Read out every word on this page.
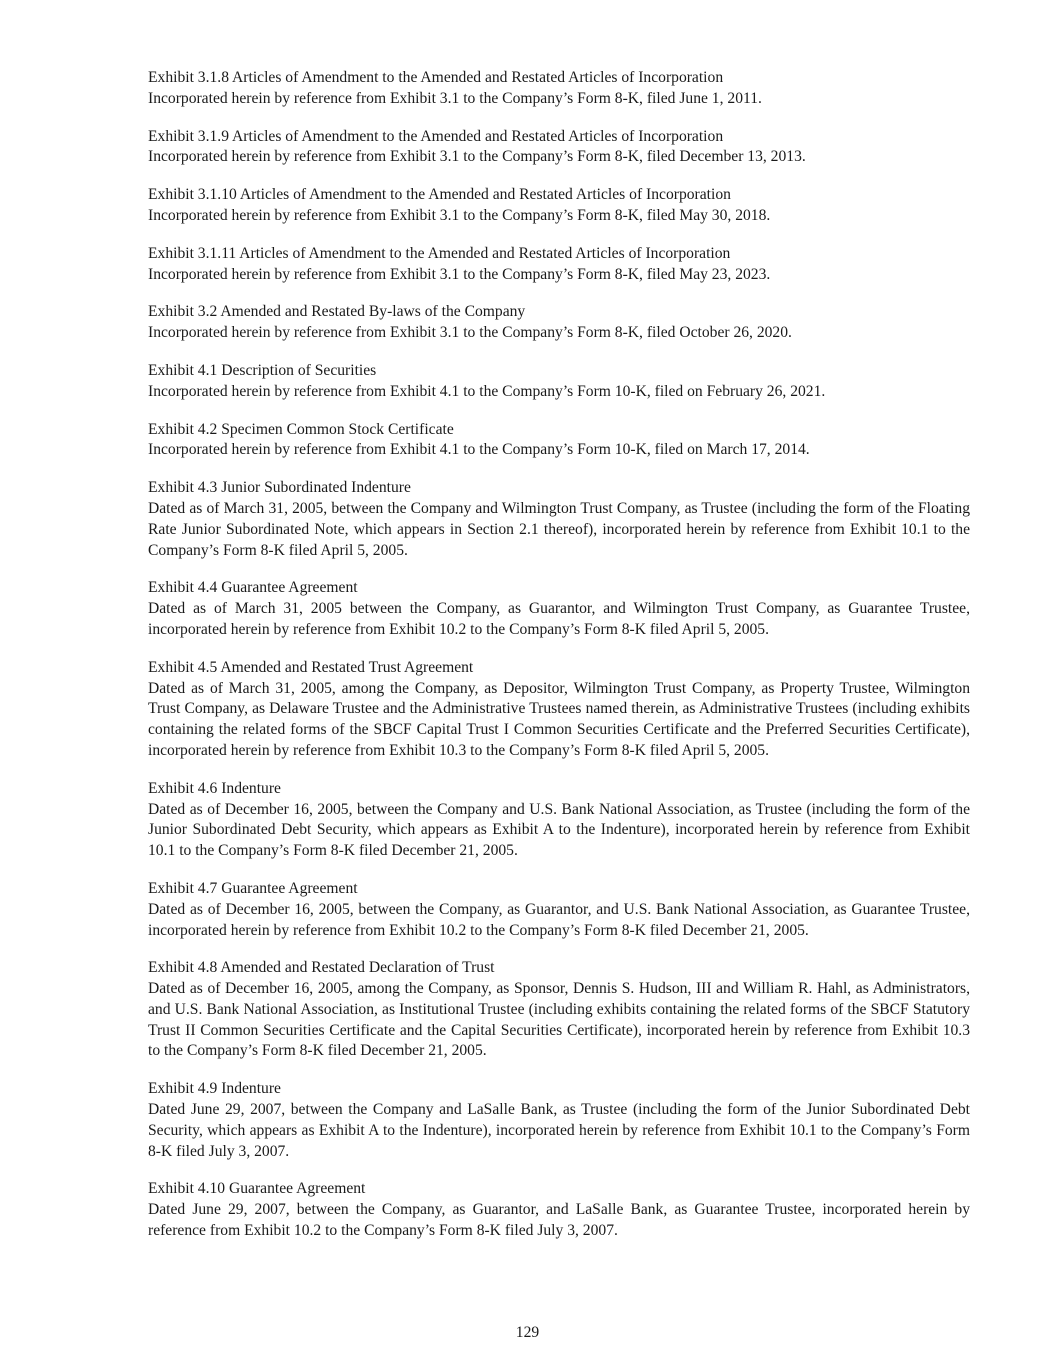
Exhibit 3.1.8 Articles of Amendment to the Amended and Restated Articles of Incorporation

Incorporated herein by reference from Exhibit 3.1 to the Company’s Form 8-K, filed June 1, 2011.

Exhibit 3.1.9 Articles of Amendment to the Amended and Restated Articles of Incorporation

Incorporated herein by reference from Exhibit 3.1 to the Company’s Form 8-K, filed December 13, 2013.

Exhibit 3.1.10 Articles of Amendment to the Amended and Restated Articles of Incorporation

Incorporated herein by reference from Exhibit 3.1 to the Company’s Form 8-K, filed May 30, 2018.

Exhibit 3.1.11 Articles of Amendment to the Amended and Restated Articles of Incorporation

Incorporated herein by reference from Exhibit 3.1 to the Company’s Form 8-K, filed May 23, 2023.

Exhibit 3.2 Amended and Restated By-laws of the Company

Incorporated herein by reference from Exhibit 3.1 to the Company’s Form 8-K, filed October 26, 2020.

Exhibit 4.1 Description of Securities

Incorporated herein by reference from Exhibit 4.1 to the Company’s Form 10-K, filed on February 26, 2021.

Exhibit 4.2 Specimen Common Stock Certificate

Incorporated herein by reference from Exhibit 4.1 to the Company’s Form 10-K, filed on March 17, 2014.

Exhibit 4.3 Junior Subordinated Indenture

Dated as of March 31, 2005, between the Company and Wilmington Trust Company, as Trustee (including the form of the Floating Rate Junior Subordinated Note, which appears in Section 2.1 thereof), incorporated herein by reference from Exhibit 10.1 to the Company’s Form 8-K filed April 5, 2005.

Exhibit 4.4 Guarantee Agreement

Dated as of March 31, 2005 between the Company, as Guarantor, and Wilmington Trust Company, as Guarantee Trustee, incorporated herein by reference from Exhibit 10.2 to the Company’s Form 8-K filed April 5, 2005.

Exhibit 4.5 Amended and Restated Trust Agreement

Dated as of March 31, 2005, among the Company, as Depositor, Wilmington Trust Company, as Property Trustee, Wilmington Trust Company, as Delaware Trustee and the Administrative Trustees named therein, as Administrative Trustees (including exhibits containing the related forms of the SBCF Capital Trust I Common Securities Certificate and the Preferred Securities Certificate), incorporated herein by reference from Exhibit 10.3 to the Company’s Form 8-K filed April 5, 2005.

Exhibit 4.6 Indenture

Dated as of December 16, 2005, between the Company and U.S. Bank National Association, as Trustee (including the form of the Junior Subordinated Debt Security, which appears as Exhibit A to the Indenture), incorporated herein by reference from Exhibit 10.1 to the Company’s Form 8-K filed December 21, 2005.

Exhibit 4.7 Guarantee Agreement

Dated as of December 16, 2005, between the Company, as Guarantor, and U.S. Bank National Association, as Guarantee Trustee, incorporated herein by reference from Exhibit 10.2 to the Company’s Form 8-K filed December 21, 2005.

Exhibit 4.8 Amended and Restated Declaration of Trust

Dated as of December 16, 2005, among the Company, as Sponsor, Dennis S. Hudson, III and William R. Hahl, as Administrators, and U.S. Bank National Association, as Institutional Trustee (including exhibits containing the related forms of the SBCF Statutory Trust II Common Securities Certificate and the Capital Securities Certificate), incorporated herein by reference from Exhibit 10.3 to the Company’s Form 8-K filed December 21, 2005.

Exhibit 4.9 Indenture

Dated June 29, 2007, between the Company and LaSalle Bank, as Trustee (including the form of the Junior Subordinated Debt Security, which appears as Exhibit A to the Indenture), incorporated herein by reference from Exhibit 10.1 to the Company’s Form 8-K filed July 3, 2007.

Exhibit 4.10 Guarantee Agreement

Dated June 29, 2007, between the Company, as Guarantor, and LaSalle Bank, as Guarantee Trustee, incorporated herein by reference from Exhibit 10.2 to the Company’s Form 8-K filed July 3, 2007.

129
